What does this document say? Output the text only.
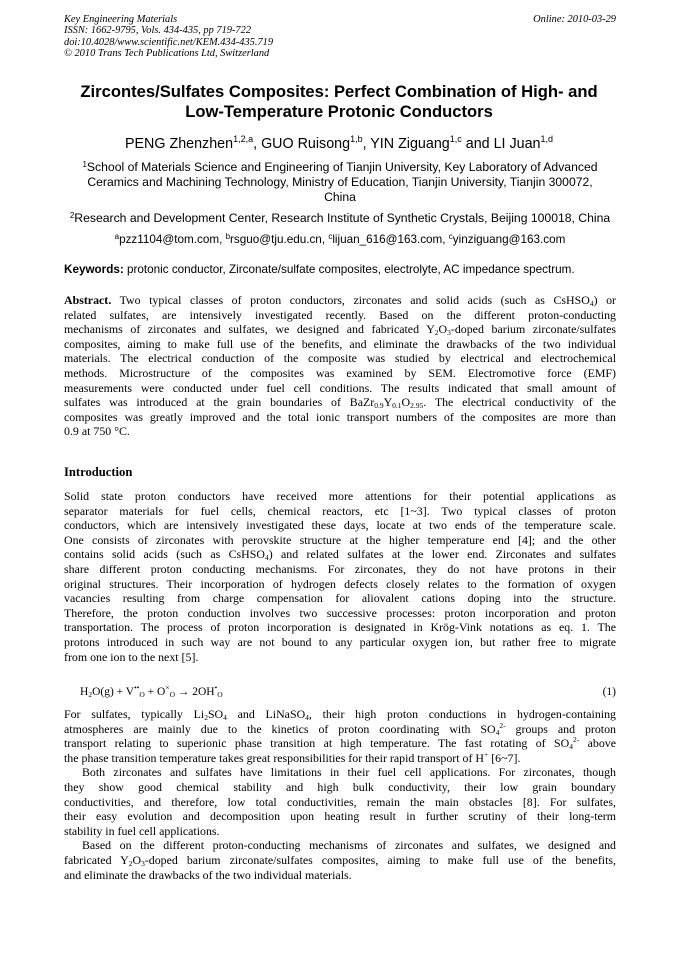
Key Engineering Materials
ISSN: 1662-9795, Vols. 434-435, pp 719-722
doi:10.4028/www.scientific.net/KEM.434-435.719
© 2010 Trans Tech Publications Ltd, Switzerland
Online: 2010-03-29
Zircontes/Sulfates Composites: Perfect Combination of High- and
Low-Temperature Protonic Conductors
PENG Zhenzhen$^{1,2,a}$, GUO Ruisong$^{1,b}$, YIN Ziguang$^{1,c}$ and LI Juan$^{1,d}$
$^1$School of Materials Science and Engineering of Tianjin University, Key Laboratory of Advanced
Ceramics and Machining Technology, Ministry of Education, Tianjin University, Tianjin 300072,
China
$^2$Research and Development Center, Research Institute of Synthetic Crystals, Beijing 100018, China
$^a$pzz1104@tom.com, $^b$rsguo@tju.edu.cn, $^c$lijuan_616@163.com, $^c$yinziguang@163.com
Keywords: protonic conductor, Zirconate/sulfate composites, electrolyte, AC impedance spectrum.
Abstract. Two typical classes of proton conductors, zirconates and solid acids (such as CsHSO$_4$) or
related sulfates, are intensively investigated recently. Based on the different proton-conducting
mechanisms of zirconates and sulfates, we designed and fabricated $Y_2O_3$-doped barium zirconate/sulfates
composites, aiming to make full use of the benefits, and eliminate the drawbacks of the two individual
materials. The electrical conduction of the composite was studied by electrical and electrochemical
methods. Microstructure of the composites was examined by SEM. Electromotive force (EMF)
measurements were conducted under fuel cell conditions. The results indicated that small amount of
sulfates was introduced at the grain boundaries of $BaZr_{0.9}Y_{0.1}O_{2.95}$. The electrical conductivity of the
composites was greatly improved and the total ionic transport numbers of the composites are more than
0.9 at 750 °C.
Introduction
Solid state proton conductors have received more attentions for their potential applications as
separator materials for fuel cells, chemical reactors, etc [1~3]. Two typical classes of proton
conductors, which are intensively investigated these days, locate at two ends of the temperature scale.
One consists of zirconates with perovskite structure at the higher temperature end [4]; and the other
contains solid acids (such as CsHSO$_4$) and related sulfates at the lower end. Zirconates and sulfates
share different proton conducting mechanisms. For zirconates, they do not have protons in their
original structures. Their incorporation of hydrogen defects closely relates to the formation of oxygen
vacancies resulting from charge compensation for aliovalent cations doping into the structure.
Therefore, the proton conduction involves two successive processes: proton incorporation and proton
transportation. The process of proton incorporation is designated in Krög-Vink notations as eq. 1. The
protons introduced in such way are not bound to any particular oxygen ion, but rather free to migrate
from one ion to the next [5].
$H_2O(g) + V^{••}_O + O^\times_O \to 2OH^•_O$	(1)
For sulfates, typically $Li_2SO_4$ and LiNaSO$_4$, their high proton conductions in hydrogen-containing
atmospheres are mainly due to the kinetics of proton coordinating with $SO_4^{2-}$ groups and proton
transport relating to superionic phase transition at high temperature. The fast rotating of $SO_4^{2-}$ above
the phase transition temperature takes great responsibilities for their rapid transport of H+ [6~7].
Both zirconates and sulfates have limitations in their fuel cell applications. For zirconates, though
they show good chemical stability and high bulk conductivity, their low grain boundary
conductivities, and therefore, low total conductivities, remain the main obstacles [8]. For sulfates,
their easy evolution and decomposition upon heating result in further scrutiny of their long-term
stability in fuel cell applications.
Based on the different proton-conducting mechanisms of zirconates and sulfates, we designed and
fabricated $Y_2O_3$-doped barium zirconate/sulfates composites, aiming to make full use of the benefits,
and eliminate the drawbacks of the two individual materials.
